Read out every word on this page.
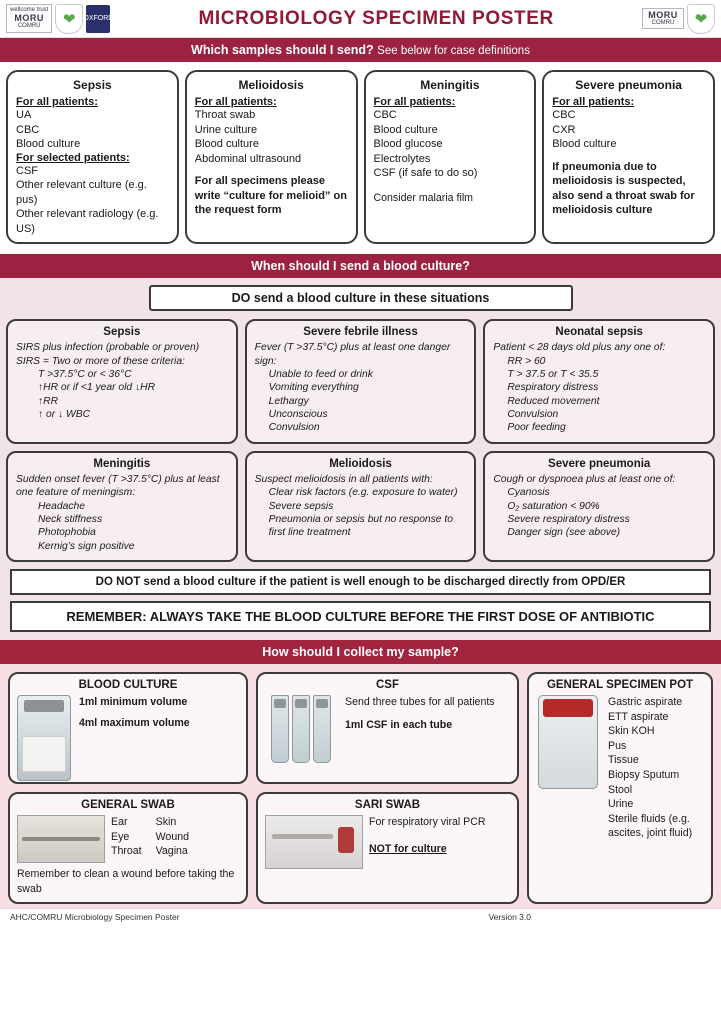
wellcome trust
MORU
COMRU	❤	OXFORD	MICROBIOLOGY SPECIMEN POSTER	MORU
COMRU	❤
Which samples should I send? See below for case definitions
Sepsis
For all patients:
UA
CBC
Blood culture
For selected patients:
CSF
Other relevant culture (e.g. pus)
Other relevant radiology (e.g. US)
Melioidosis
For all patients:
Throat swab
Urine culture
Blood culture
Abdominal ultrasound
For all specimens please write “culture for melioid” on the request form
Meningitis
For all patients:
CBC
Blood culture
Blood glucose
Electrolytes
CSF (if safe to do so)
Consider malaria film
Severe pneumonia
For all patients:
CBC
CXR
Blood culture
If pneumonia due to melioidosis is suspected, also send a throat swab for melioidosis culture
When should I send a blood culture?
DO send a blood culture in these situations
Sepsis
SIRS plus infection (probable or proven)
SIRS = Two or more of these criteria:
T >37.5°C or < 36°C
↑HR or if <1 year old ↓HR
↑RR
↑ or ↓ WBC
Severe febrile illness
Fever (T >37.5°C) plus at least one danger sign:
Unable to feed or drink
Vomiting everything
Lethargy
Unconscious
Convulsion
Neonatal sepsis
Patient < 28 days old plus any one of:
RR > 60
T > 37.5 or T < 35.5
Respiratory distress
Reduced movement
Convulsion
Poor feeding
Meningitis
Sudden onset fever (T >37.5°C) plus at least one feature of meningism:
Headache
Neck stiffness
Photophobia
Kernig’s sign positive
Melioidosis
Suspect melioidosis in all patients with:
Clear risk factors (e.g. exposure to water)
Severe sepsis
Pneumonia or sepsis but no response to first line treatment
Severe pneumonia
Cough or dyspnoea plus at least one of:
Cyanosis
O₂ saturation < 90%
Severe respiratory distress
Danger sign (see above)
DO NOT send a blood culture if the patient is well enough to be discharged directly from OPD/ER
REMEMBER: ALWAYS TAKE THE BLOOD CULTURE BEFORE THE FIRST DOSE OF ANTIBIOTIC
How should I collect my sample?
BLOOD CULTURE
1ml minimum volume
4ml maximum volume
GENERAL SWAB
Ear
Eye
Throat
Skin
Wound
Vagina
Remember to clean a wound before taking the swab
CSF
Send three tubes for all patients
1ml CSF in each tube
SARI SWAB
For respiratory viral PCR
NOT for culture
GENERAL SPECIMEN POT
Gastric aspirate
ETT aspirate
Skin KOH
Pus
Tissue
Biopsy Sputum
Stool
Urine
Sterile fluids (e.g. ascites, joint fluid)
AHC/COMRU Microbiology Specimen Poster	Version 3.0
